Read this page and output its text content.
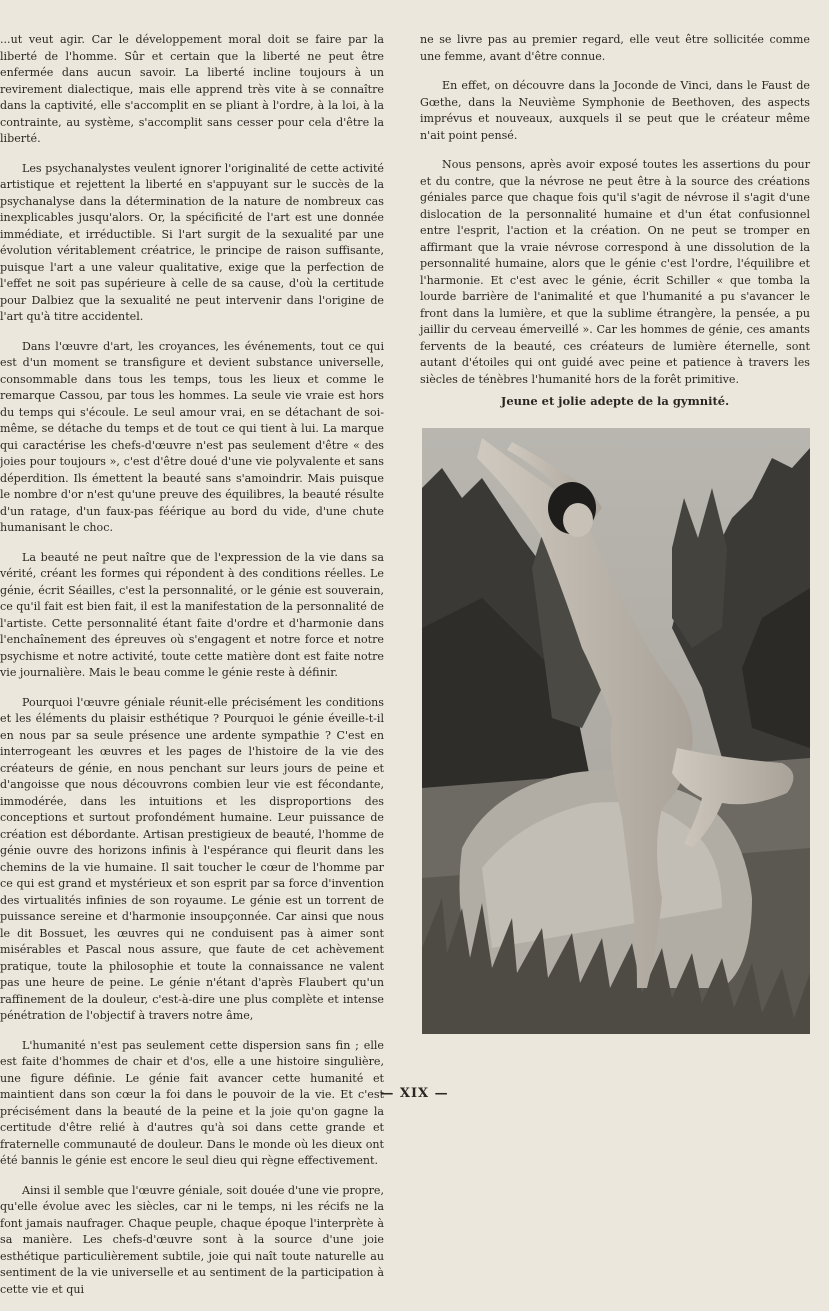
...ut veut agir. Car le développement moral doit se faire par la liberté de l'homme. Sûr et certain que la liberté ne peut être enfermée dans aucun savoir. La liberté incline toujours à un revirement dialectique, mais elle apprend très vite à se connaître dans la captivité, elle s'accomplit en se pliant à l'ordre, à la loi, à la contrainte, au système, s'accomplit sans cesser pour cela d'être la liberté.

Les psychanalystes veulent ignorer l'originalité de cette activité artistique et rejettent la liberté en s'appuyant sur le succès de la psychanalyse dans la détermination de la nature de nombreux cas inexplicables jusqu'alors. Or, la spécificité de l'art est une donnée immédiate, et irréductible. Si l'art surgit de la sexualité par une évolution véritablement créatrice, le principe de raison suffisante, puisque l'art a une valeur qualitative, exige que la perfection de l'effet ne soit pas supérieure à celle de sa cause, d'où la certitude pour Dalbiez que la sexualité ne peut intervenir dans l'origine de l'art qu'à titre accidentel.

Dans l'œuvre d'art, les croyances, les événements, tout ce qui est d'un moment se transfigure et devient substance universelle, consommable dans tous les temps, tous les lieux et comme le remarque Cassou, par tous les hommes. La seule vie vraie est hors du temps qui s'écoule. Le seul amour vrai, en se détachant de soi-même, se détache du temps et de tout ce qui tient à lui. La marque qui caractérise les chefs-d'œuvre n'est pas seulement d'être « des joies pour toujours », c'est d'être doué d'une vie polyvalente et sans déperdition. Ils émettent la beauté sans s'amoindrir. Mais puisque le nombre d'or n'est qu'une preuve des équilibres, la beauté résulte d'un ratage, d'un faux-pas féérique au bord du vide, d'une chute humanisant le choc.

La beauté ne peut naître que de l'expression de la vie dans sa vérité, créant les formes qui répondent à des conditions réelles. Le génie, écrit Séailles, c'est la personnalité, or le génie est souverain, ce qu'il fait est bien fait, il est la manifestation de la personnalité de l'artiste. Cette personnalité étant faite d'ordre et d'harmonie dans l'enchaînement des épreuves où s'engagent et notre force et notre psychisme et notre activité, toute cette matière dont est faite notre vie journalière. Mais le beau comme le génie reste à définir.

Pourquoi l'œuvre géniale réunit-elle précisément les conditions et les éléments du plaisir esthétique ? Pourquoi le génie éveille-t-il en nous par sa seule présence une ardente sympathie ? C'est en interrogeant les œuvres et les pages de l'histoire de la vie des créateurs de génie, en nous penchant sur leurs jours de peine et d'angoisse que nous découvrons combien leur vie est fécondante, immodérée, dans les intuitions et les disproportions des conceptions et surtout profondément humaine. Leur puissance de création est débordante. Artisan prestigieux de beauté, l'homme de génie ouvre des horizons infinis à l'espérance qui fleurit dans les chemins de la vie humaine. Il sait toucher le cœur de l'homme par ce qui est grand et mystérieux et son esprit par sa force d'invention des virtualités infinies de son royaume. Le génie est un torrent de puissance sereine et d'harmonie insoupçonnée. Car ainsi que nous le dit Bossuet, les œuvres qui ne conduisent pas à aimer sont misérables et Pascal nous assure, que faute de cet achèvement pratique, toute la philosophie et toute la connaissance ne valent pas une heure de peine. Le génie n'étant d'après Flaubert qu'un raffinement de la douleur, c'est-à-dire une plus complète et intense pénétration de l'objectif à travers notre âme,

L'humanité n'est pas seulement cette dispersion sans fin ; elle est faite d'hommes de chair et d'os, elle a une histoire singulière, une figure définie. Le génie fait avancer cette humanité et maintient dans son cœur la foi dans le pouvoir de la vie. Et c'est précisément dans la beauté de la peine et la joie qu'on gagne la certitude d'être relié à d'autres qu'à soi dans cette grande et fraternelle communauté de douleur. Dans le monde où les dieux ont été bannis le génie est encore le seul dieu qui règne effectivement.

Ainsi il semble que l'œuvre géniale, soit douée d'une vie propre, qu'elle évolue avec les siècles, car ni le temps, ni les récifs ne la font jamais naufrager. Chaque peuple, chaque époque l'interprète à sa manière. Les chefs-d'œuvre sont à la source d'une joie esthétique particulièrement subtile, joie qui naît toute naturelle au sentiment de la vie universelle et au sentiment de la participation à cette vie et qui

ne se livre pas au premier regard, elle veut être sollicitée comme une femme, avant d'être connue.

En effet, on découvre dans la Joconde de Vinci, dans le Faust de Gœthe, dans la Neuvième Symphonie de Beethoven, des aspects imprévus et nouveaux, auxquels il se peut que le créateur même n'ait point pensé.

Nous pensons, après avoir exposé toutes les assertions du pour et du contre, que la névrose ne peut être à la source des créations géniales parce que chaque fois qu'il s'agit de névrose il s'agit d'une dislocation de la personnalité humaine et d'un état confusionnel entre l'esprit, l'action et la création. On ne peut se tromper en affirmant que la vraie névrose correspond à une dissolution de la personnalité humaine, alors que le génie c'est l'ordre, l'équilibre et l'harmonie. Et c'est avec le génie, écrit Schiller « que tomba la lourde barrière de l'animalité et que l'humanité a pu s'avancer le front dans la lumière, et que la sublime étrangère, la pensée, a pu jaillir du cerveau émerveillé ». Car les hommes de génie, ces amants fervents de la beauté, ces créateurs de lumière éternelle, sont autant d'étoiles qui ont guidé avec peine et patience à travers les siècles de ténèbres l'humanité hors de la forêt primitive.

Jeune et jolie adepte de la gymnité.
— XIX —
